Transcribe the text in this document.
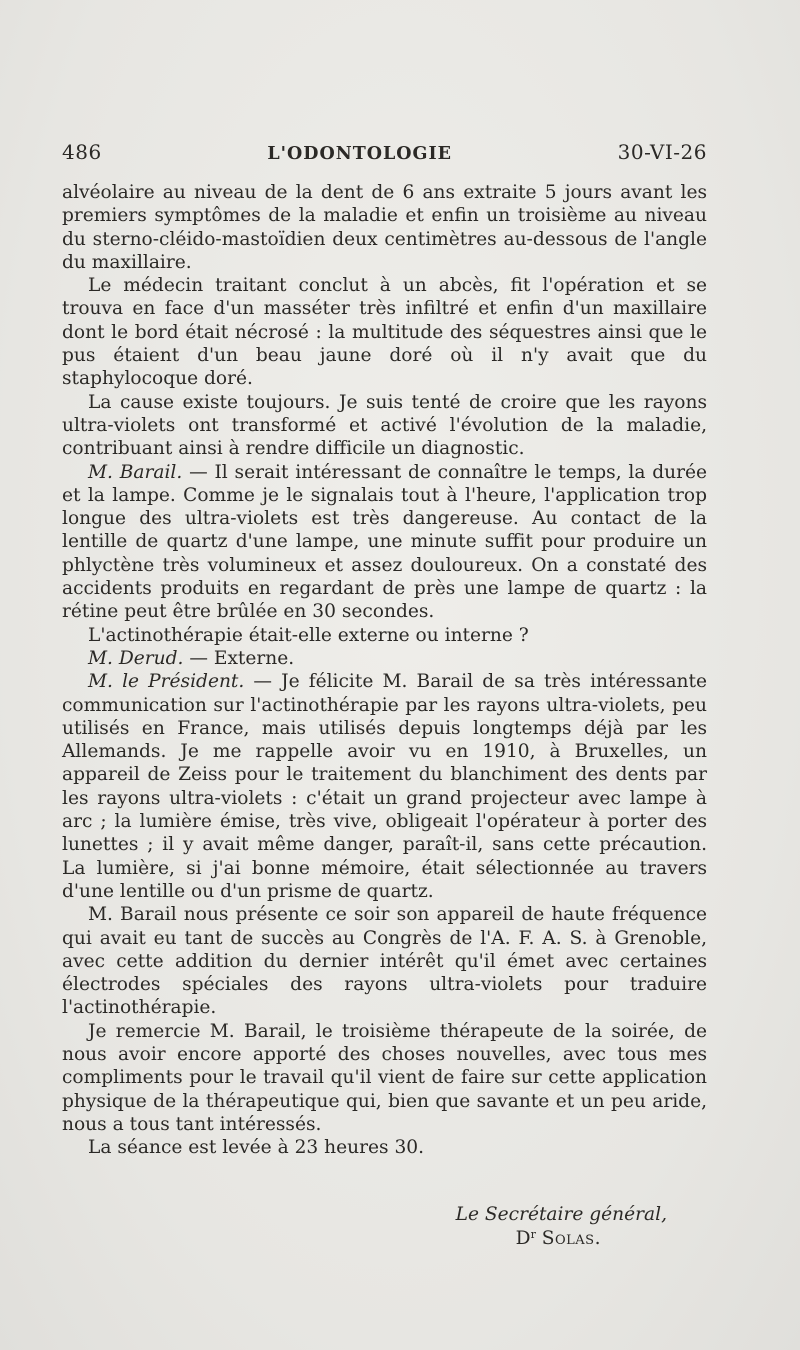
486	L'ODONTOLOGIE	30-VI-26

alvéolaire au niveau de la dent de 6 ans extraite 5 jours avant les premiers symptômes de la maladie et enfin un troisième au niveau du sterno-cléido-mastoïdien deux centimètres au-dessous de l'angle du maxillaire.

Le médecin traitant conclut à un abcès, fit l'opération et se trouva en face d'un masséter très infiltré et enfin d'un maxillaire dont le bord était nécrosé : la multitude des séquestres ainsi que le pus étaient d'un beau jaune doré où il n'y avait que du staphylocoque doré.

La cause existe toujours. Je suis tenté de croire que les rayons ultra-violets ont transformé et activé l'évolution de la maladie, contribuant ainsi à rendre difficile un diagnostic.

M. Barail. — Il serait intéressant de connaître le temps, la durée et la lampe. Comme je le signalais tout à l'heure, l'application trop longue des ultra-violets est très dangereuse. Au contact de la lentille de quartz d'une lampe, une minute suffit pour produire un phlyctène très volumineux et assez douloureux. On a constaté des accidents produits en regardant de près une lampe de quartz : la rétine peut être brûlée en 30 secondes.

L'actinothérapie était-elle externe ou interne ?

M. Derud. — Externe.

M. le Président. — Je félicite M. Barail de sa très intéressante communication sur l'actinothérapie par les rayons ultra-violets, peu utilisés en France, mais utilisés depuis longtemps déjà par les Allemands. Je me rappelle avoir vu en 1910, à Bruxelles, un appareil de Zeiss pour le traitement du blanchiment des dents par les rayons ultra-violets : c'était un grand projecteur avec lampe à arc ; la lumière émise, très vive, obligeait l'opérateur à porter des lunettes ; il y avait même danger, paraît-il, sans cette précaution. La lumière, si j'ai bonne mémoire, était sélectionnée au travers d'une lentille ou d'un prisme de quartz.

M. Barail nous présente ce soir son appareil de haute fréquence qui avait eu tant de succès au Congrès de l'A. F. A. S. à Grenoble, avec cette addition du dernier intérêt qu'il émet avec certaines électrodes spéciales des rayons ultra-violets pour traduire l'actinothérapie.

Je remercie M. Barail, le troisième thérapeute de la soirée, de nous avoir encore apporté des choses nouvelles, avec tous mes compliments pour le travail qu'il vient de faire sur cette application physique de la thérapeutique qui, bien que savante et un peu aride, nous a tous tant intéressés.

La séance est levée à 23 heures 30.

Le Secrétaire général,
$D^r$ Solas.
